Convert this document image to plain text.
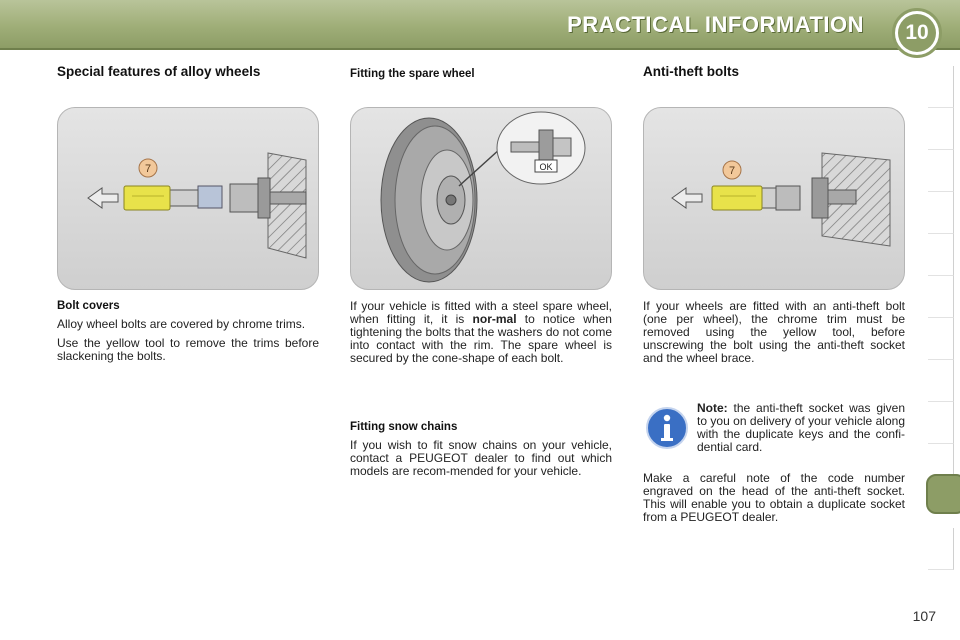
PRACTICAL INFORMATION	10
Special features of alloy wheels	Fitting the spare wheel	Anti-theft bolts
7	OK	7
Bolt covers

Alloy wheel bolts are covered by chrome trims.

Use the yellow tool to remove the trims before slackening the bolts.

If your vehicle is fitted with a steel spare wheel, when fitting it, it is nor-mal to notice when tightening the bolts that the washers do not come into contact with the rim. The spare wheel is secured by the cone-shape of each bolt.

Fitting snow chains

If you wish to fit snow chains on your vehicle, contact a PEUGEOT dealer to find out which models are recom-mended for your vehicle.

If your wheels are fitted with an anti-theft bolt (one per wheel), the chrome trim must be removed using the yellow tool, before unscrewing the bolt using the anti-theft socket and the wheel brace.

Note: the anti-theft socket was given to you on delivery of your vehicle along with the duplicate keys and the confi-dential card.

Make a careful note of the code number engraved on the head of the anti-theft socket. This will enable you to obtain a duplicate socket from a PEUGEOT dealer.

107
